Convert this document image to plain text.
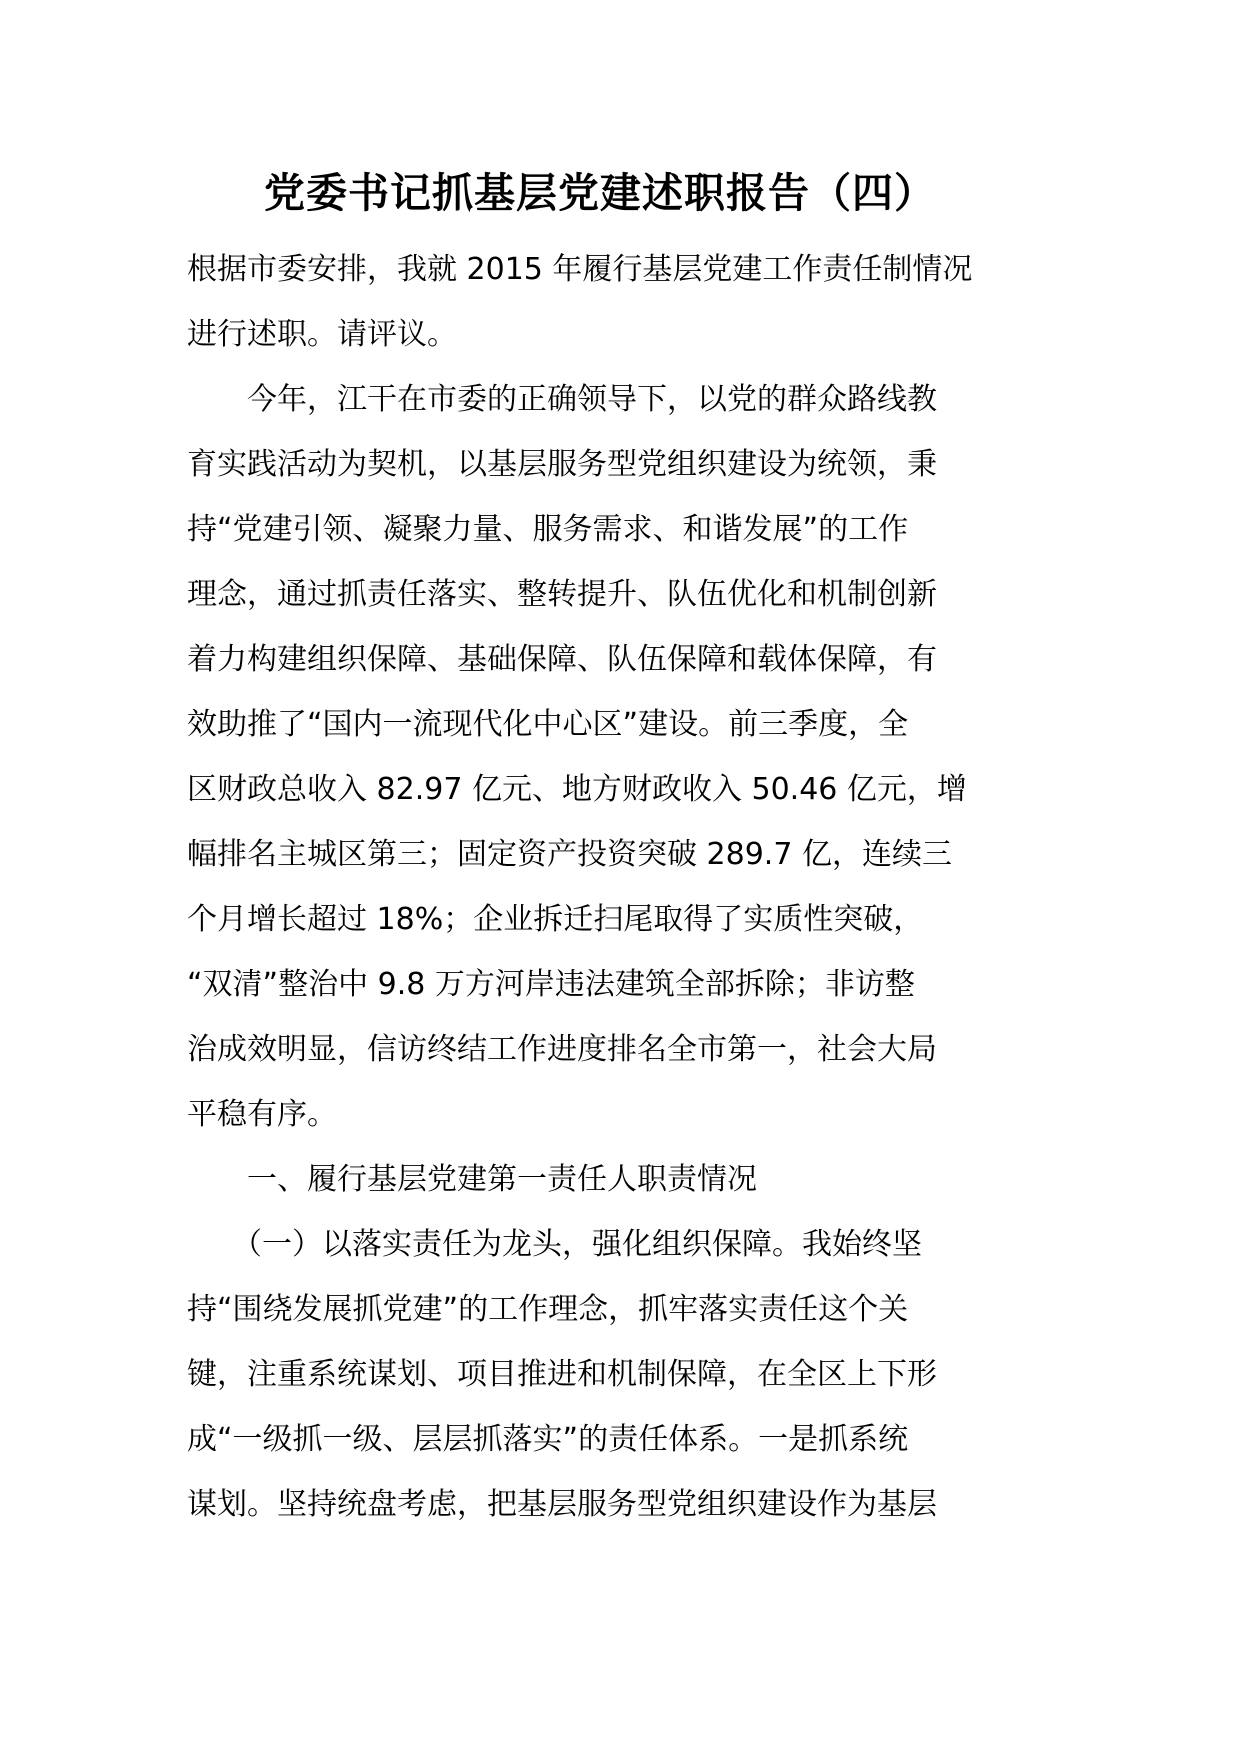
党委书记抓基层党建述职报告（四）
根据市委安排，我就 2015 年履行基层党建工作责任制情况
进行述职。请评议。
　　今年，江干在市委的正确领导下，以党的群众路线教
育实践活动为契机，以基层服务型党组织建设为统领，秉
持“党建引领、凝聚力量、服务需求、和谐发展”的工作
理念，通过抓责任落实、整转提升、队伍优化和机制创新
着力构建组织保障、基础保障、队伍保障和载体保障，有
效助推了“国内一流现代化中心区”建设。前三季度，全
区财政总收入 82.97 亿元、地方财政收入 50.46 亿元，增
幅排名主城区第三；固定资产投资突破 289.7 亿，连续三
个月增长超过 18%；企业拆迁扫尾取得了实质性突破，
“双清”整治中 9.8 万方河岸违法建筑全部拆除；非访整
治成效明显，信访终结工作进度排名全市第一，社会大局
平稳有序。
　　一、履行基层党建第一责任人职责情况
　　（一）以落实责任为龙头，强化组织保障。我始终坚
持“围绕发展抓党建”的工作理念，抓牢落实责任这个关
键，注重系统谋划、项目推进和机制保障，在全区上下形
成“一级抓一级、层层抓落实”的责任体系。一是抓系统
谋划。坚持统盘考虑，把基层服务型党组织建设作为基层
